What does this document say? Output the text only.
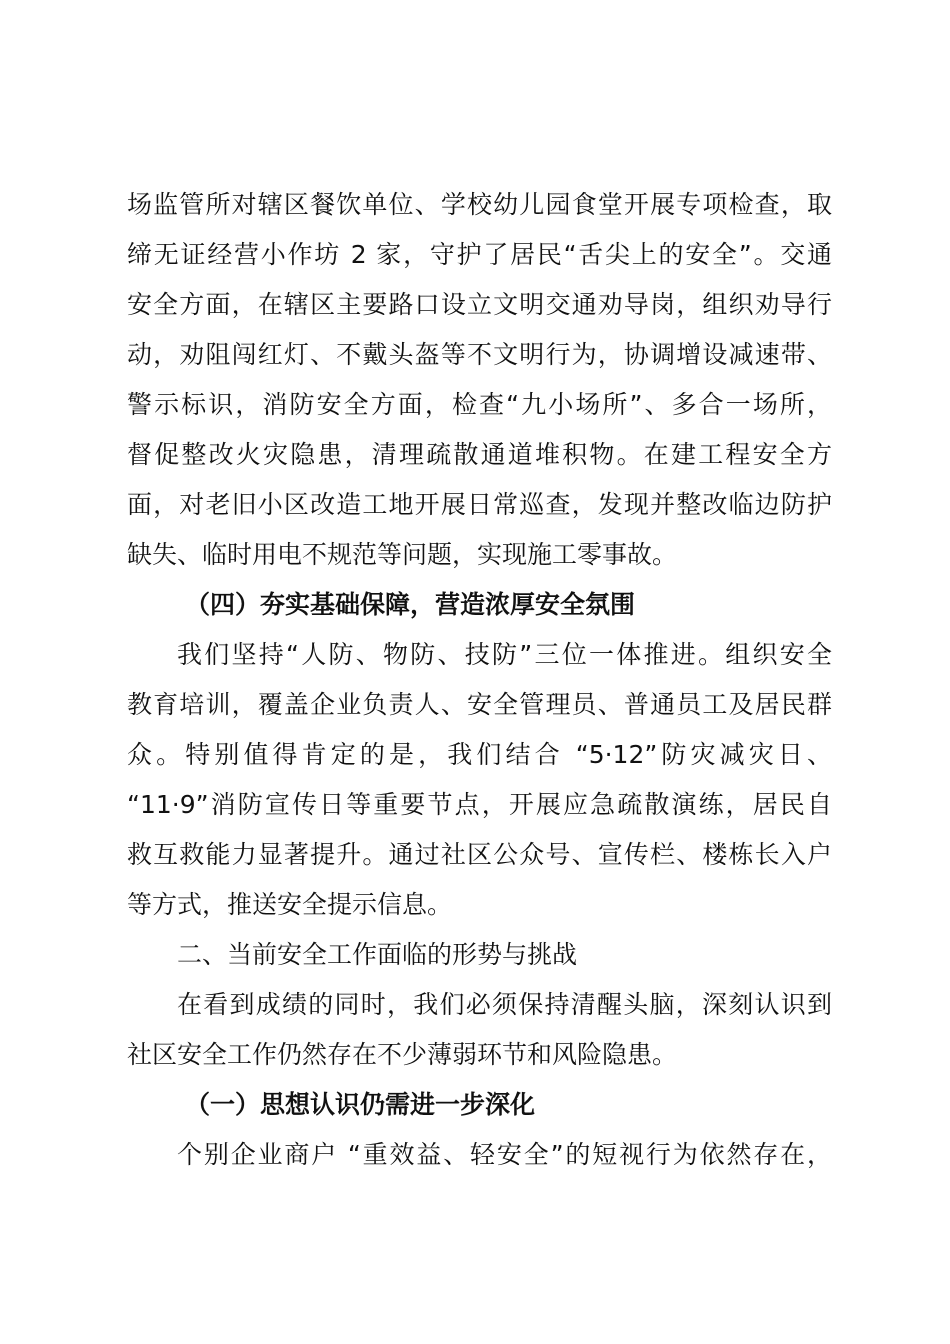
场监管所对辖区餐饮单位、学校幼儿园食堂开展专项检查，取
缔无证经营小作坊 2 家，守护了居民“舌尖上的安全”。交通
安全方面，在辖区主要路口设立文明交通劝导岗，组织劝导行
动，劝阻闯红灯、不戴头盔等不文明行为，协调增设减速带、
警示标识，消防安全方面，检查“九小场所”、多合一场所，
督促整改火灾隐患，清理疏散通道堆积物。在建工程安全方
面，对老旧小区改造工地开展日常巡查，发现并整改临边防护
缺失、临时用电不规范等问题，实现施工零事故。
（四）夯实基础保障，营造浓厚安全氛围
我们坚持“人防、物防、技防”三位一体推进。组织安全
教育培训，覆盖企业负责人、安全管理员、普通员工及居民群
众。特别值得肯定的是，我们结合 “5·12”防灾减灾日、
“11·9”消防宣传日等重要节点，开展应急疏散演练，居民自
救互救能力显著提升。通过社区公众号、宣传栏、楼栋长入户
等方式，推送安全提示信息。
二、当前安全工作面临的形势与挑战
在看到成绩的同时，我们必须保持清醒头脑，深刻认识到
社区安全工作仍然存在不少薄弱环节和风险隐患。
（一）思想认识仍需进一步深化
个别企业商户 “重效益、轻安全”的短视行为依然存在，
